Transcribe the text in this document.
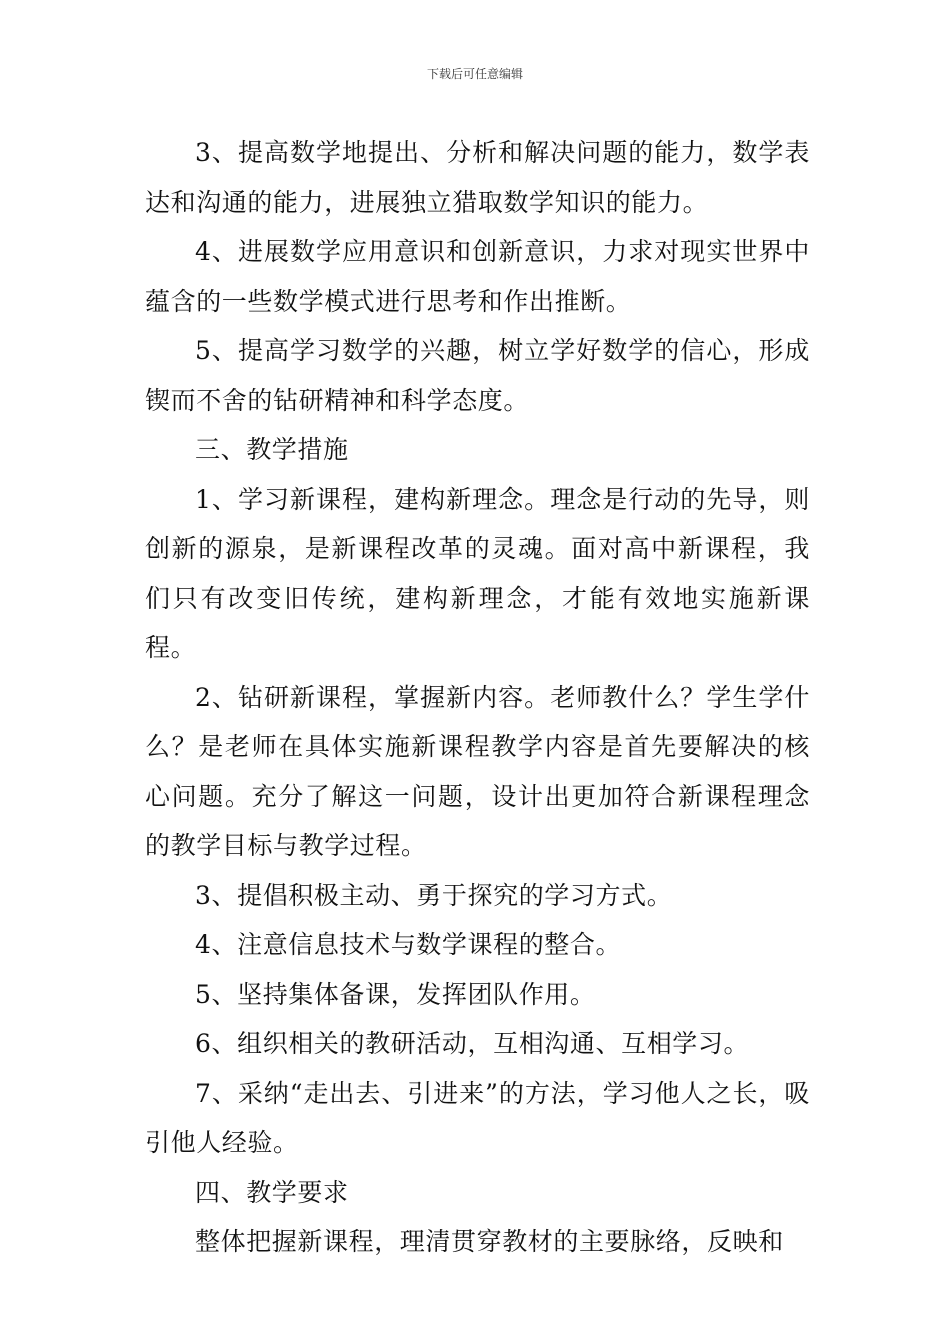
下载后可任意编辑

3、提高数学地提出、分析和解决问题的能力，数学表达和沟通的能力，进展独立猎取数学知识的能力。

4、进展数学应用意识和创新意识，力求对现实世界中蕴含的一些数学模式进行思考和作出推断。

5、提高学习数学的兴趣，树立学好数学的信心，形成锲而不舍的钻研精神和科学态度。

三、教学措施

1、学习新课程，建构新理念。理念是行动的先导，则创新的源泉，是新课程改革的灵魂。面对高中新课程，我们只有改变旧传统，建构新理念，才能有效地实施新课程。

2、钻研新课程，掌握新内容。老师教什么？学生学什么？是老师在具体实施新课程教学内容是首先要解决的核心问题。充分了解这一问题，设计出更加符合新课程理念的教学目标与教学过程。

3、提倡积极主动、勇于探究的学习方式。

4、注意信息技术与数学课程的整合。

5、坚持集体备课，发挥团队作用。

6、组织相关的教研活动，互相沟通、互相学习。

7、采纳“走出去、引进来”的方法，学习他人之长，吸引他人经验。

四、教学要求

整体把握新课程，理清贯穿教材的主要脉络，反映和
